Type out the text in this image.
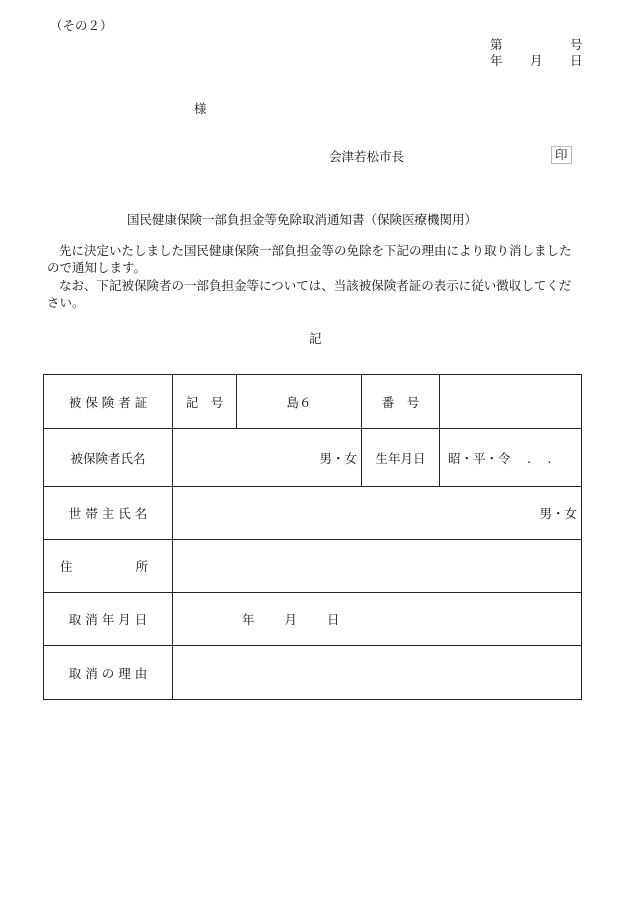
（その２）
第	号
年 月 日
様
会津若松市長	印
国民健康保険一部負担金等免除取消通知書（保険医療機関用）
先に決定いたしました国民健康保険一部負担金等の免除を下記の理由により取り消しましたので通知します。
なお、下記被保険者の一部負担金等については、当該被保険者証の表示に従い徴収してください。
記
被 保 険 者 証	記　号	島６	番　号	
被保険者氏名	男・女		生年月日	昭・平・令　 .　 .
世 帯 主 氏 名	男・女			

住 所				

取 消 年 月 日	年 月 日			
取 消 の 理 由				
